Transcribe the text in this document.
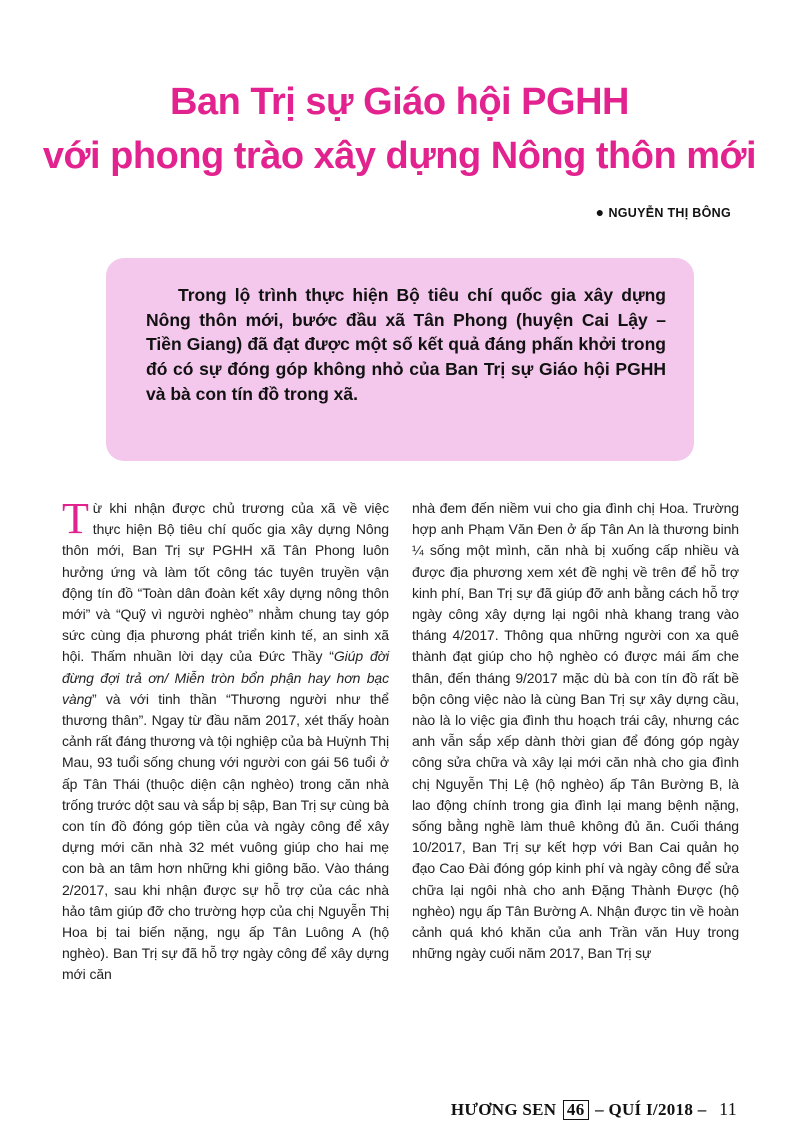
Ban Trị sự Giáo hội PGHH
với phong trào xây dựng Nông thôn mới
● NGUYỄN THỊ BÔNG

Trong lộ trình thực hiện Bộ tiêu chí quốc gia xây dựng Nông thôn mới, bước đầu xã Tân Phong (huyện Cai Lậy – Tiền Giang) đã đạt được một số kết quả đáng phấn khởi trong đó có sự đóng góp không nhỏ của Ban Trị sự Giáo hội PGHH và bà con tín đồ trong xã.

Từ khi nhận được chủ trương của xã về việc thực hiện Bộ tiêu chí quốc gia xây dựng Nông thôn mới, Ban Trị sự PGHH xã Tân Phong luôn hưởng ứng và làm tốt công tác tuyên truyền vận động tín đồ “Toàn dân đoàn kết xây dựng nông thôn mới” và “Quỹ vì người nghèo” nhằm chung tay góp sức cùng địa phương phát triển kinh tế, an sinh xã hội. Thấm nhuần lời dạy của Đức Thầy “Giúp đời đừng đợi trả ơn/ Miễn tròn bổn phận hay hơn bạc vàng” và với tinh thần “Thương người như thể thương thân”. Ngay từ đầu năm 2017, xét thấy hoàn cảnh rất đáng thương và tội nghiệp của bà Huỳnh Thị Mau, 93 tuổi sống chung với người con gái 56 tuổi ở ấp Tân Thái (thuộc diện cận nghèo) trong căn nhà trống trước dột sau và sắp bị sập, Ban Trị sự cùng bà con tín đồ đóng góp tiền của và ngày công để xây dựng mới căn nhà 32 mét vuông giúp cho hai mẹ con bà an tâm hơn những khi giông bão. Vào tháng 2/2017, sau khi nhận được sự hỗ trợ của các nhà hảo tâm giúp đỡ cho trường hợp của chị Nguyễn Thị Hoa bị tai biến nặng, ngụ ấp Tân Luông A (hộ nghèo). Ban Trị sự đã hỗ trợ ngày công để xây dựng mới căn

nhà đem đến niềm vui cho gia đình chị Hoa. Trường hợp anh Phạm Văn Đen ở ấp Tân An là thương binh ¼ sống một mình, căn nhà bị xuống cấp nhiều và được địa phương xem xét đề nghị về trên để hỗ trợ kinh phí, Ban Trị sự đã giúp đỡ anh bằng cách hỗ trợ ngày công xây dựng lại ngôi nhà khang trang vào tháng 4/2017. Thông qua những người con xa quê thành đạt giúp cho hộ nghèo có được mái ấm che thân, đến tháng 9/2017 mặc dù bà con tín đồ rất bề bộn công việc nào là cùng Ban Trị sự xây dựng cầu, nào là lo việc gia đình thu hoạch trái cây, nhưng các anh vẫn sắp xếp dành thời gian để đóng góp ngày công sửa chữa và xây lại mới căn nhà cho gia đình chị Nguyễn Thị Lệ (hộ nghèo) ấp Tân Bường B, là lao động chính trong gia đình lại mang bệnh nặng, sống bằng nghề làm thuê không đủ ăn. Cuối tháng 10/2017, Ban Trị sự kết hợp với Ban Cai quản họ đạo Cao Đài đóng góp kinh phí và ngày công để sửa chữa lại ngôi nhà cho anh Đặng Thành Được (hộ nghèo) ngụ ấp Tân Bường A. Nhận được tin về hoàn cảnh quá khó khăn của anh Trần văn Huy trong những ngày cuối năm 2017, Ban Trị sự

HƯƠNG SEN 46 – QUÍ I/2018 – 11
